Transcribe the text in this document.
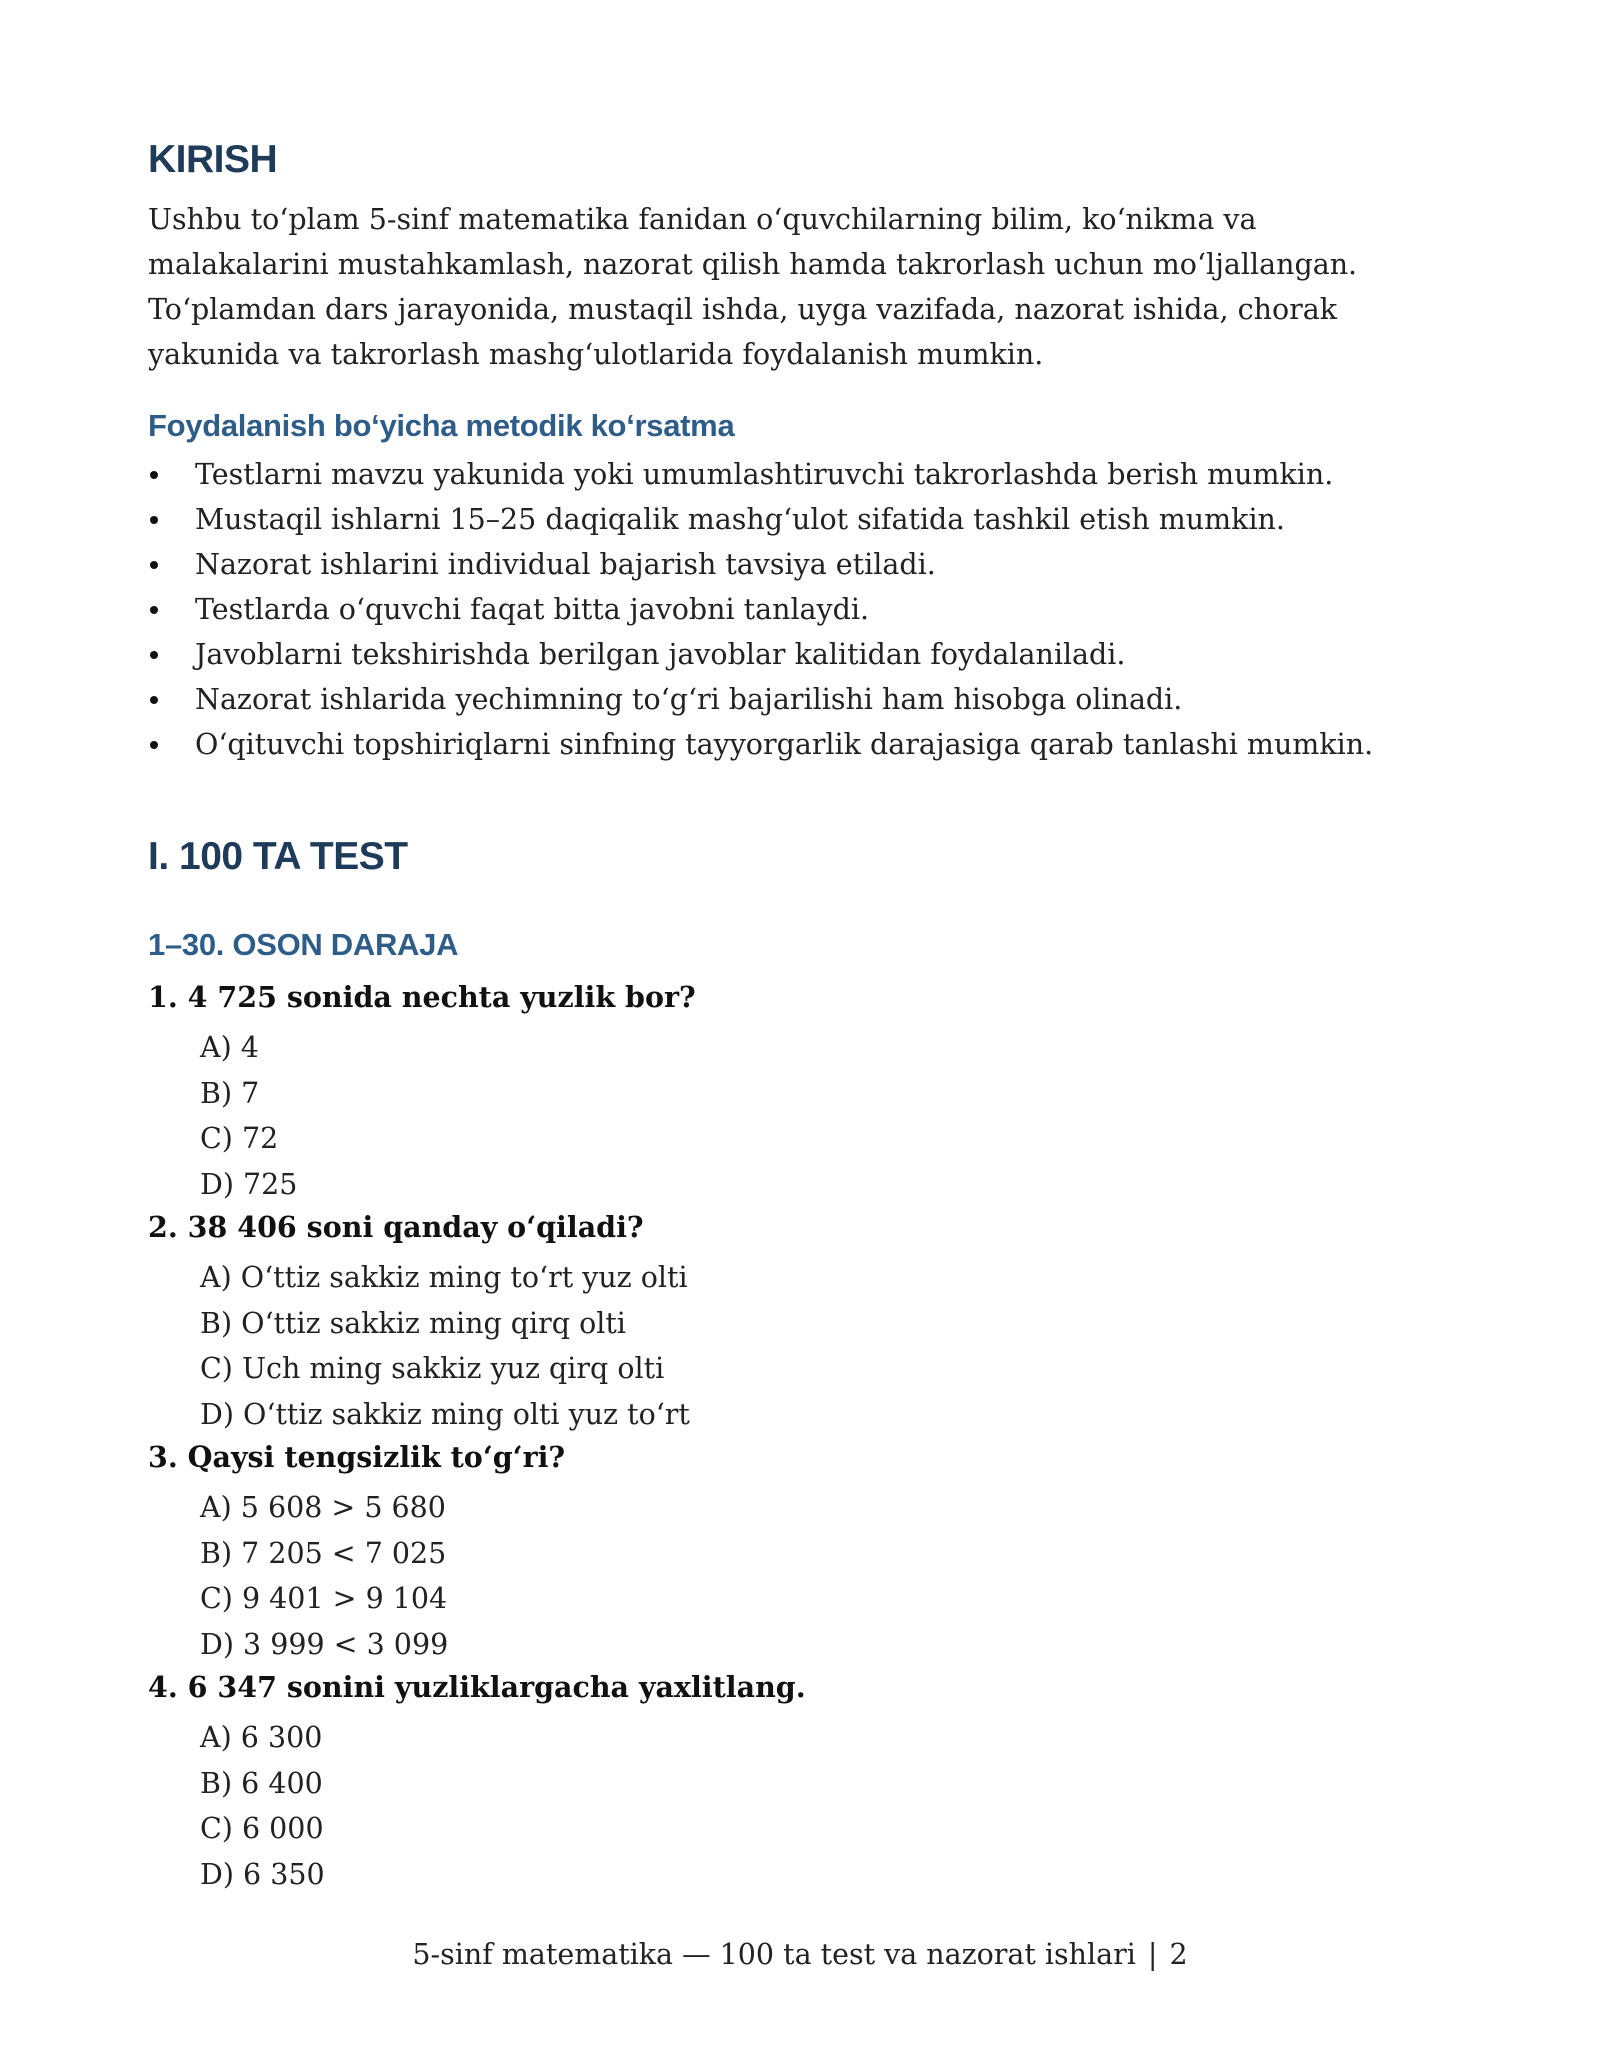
KIRISH
Ushbu to‘plam 5-sinf matematika fanidan o‘quvchilarning bilim, ko‘nikma va malakalarini mustahkamlash, nazorat qilish hamda takrorlash uchun mo‘ljallangan. To‘plamdan dars jarayonida, mustaqil ishda, uyga vazifada, nazorat ishida, chorak yakunida va takrorlash mashg‘ulotlarida foydalanish mumkin.
Foydalanish bo‘yicha metodik ko‘rsatma
Testlarni mavzu yakunida yoki umumlashtiruvchi takrorlashda berish mumkin.
Mustaqil ishlarni 15–25 daqiqalik mashg‘ulot sifatida tashkil etish mumkin.
Nazorat ishlarini individual bajarish tavsiya etiladi.
Testlarda o‘quvchi faqat bitta javobni tanlaydi.
Javoblarni tekshirishda berilgan javoblar kalitidan foydalaniladi.
Nazorat ishlarida yechimning to‘g‘ri bajarilishi ham hisobga olinadi.
O‘qituvchi topshiriqlarni sinfning tayyorgarlik darajasiga qarab tanlashi mumkin.
I. 100 TA TEST
1–30. OSON DARAJA
1. 4 725 sonida nechta yuzlik bor?
A) 4
B) 7
C) 72
D) 725
2. 38 406 soni qanday o‘qiladi?
A) O‘ttiz sakkiz ming to‘rt yuz olti
B) O‘ttiz sakkiz ming qirq olti
C) Uch ming sakkiz yuz qirq olti
D) O‘ttiz sakkiz ming olti yuz to‘rt
3. Qaysi tengsizlik to‘g‘ri?
A) 5 608 > 5 680
B) 7 205 < 7 025
C) 9 401 > 9 104
D) 3 999 < 3 099
4. 6 347 sonini yuzliklargacha yaxlitlang.
A) 6 300
B) 6 400
C) 6 000
D) 6 350
5-sinf matematika — 100 ta test va nazorat ishlari | 2
